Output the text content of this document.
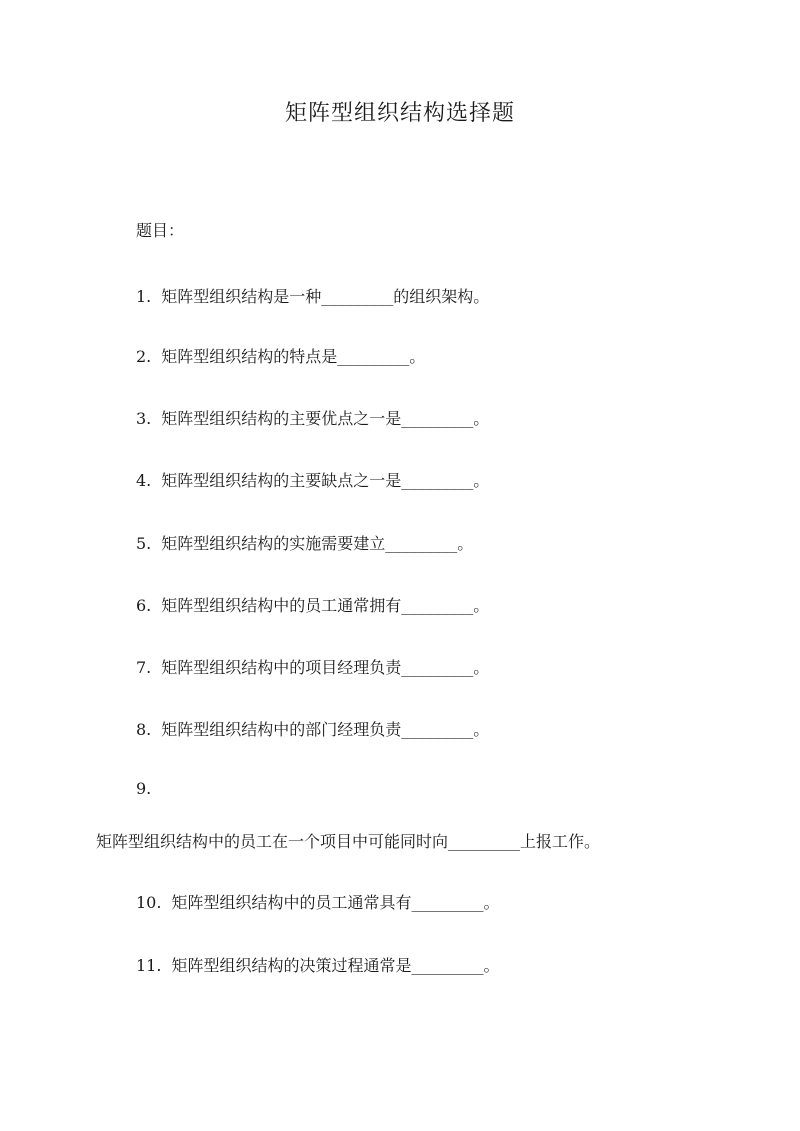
矩阵型组织结构选择题

题目：

1. 矩阵型组织结构是一种_________的组织架构。

2. 矩阵型组织结构的特点是_________。

3. 矩阵型组织结构的主要优点之一是_________。

4. 矩阵型组织结构的主要缺点之一是_________。

5. 矩阵型组织结构的实施需要建立_________。

6. 矩阵型组织结构中的员工通常拥有_________。

7. 矩阵型组织结构中的项目经理负责_________。

8. 矩阵型组织结构中的部门经理负责_________。

9.

矩阵型组织结构中的员工在一个项目中可能同时向_________上报工作。

10. 矩阵型组织结构中的员工通常具有_________。

11. 矩阵型组织结构的决策过程通常是_________。
